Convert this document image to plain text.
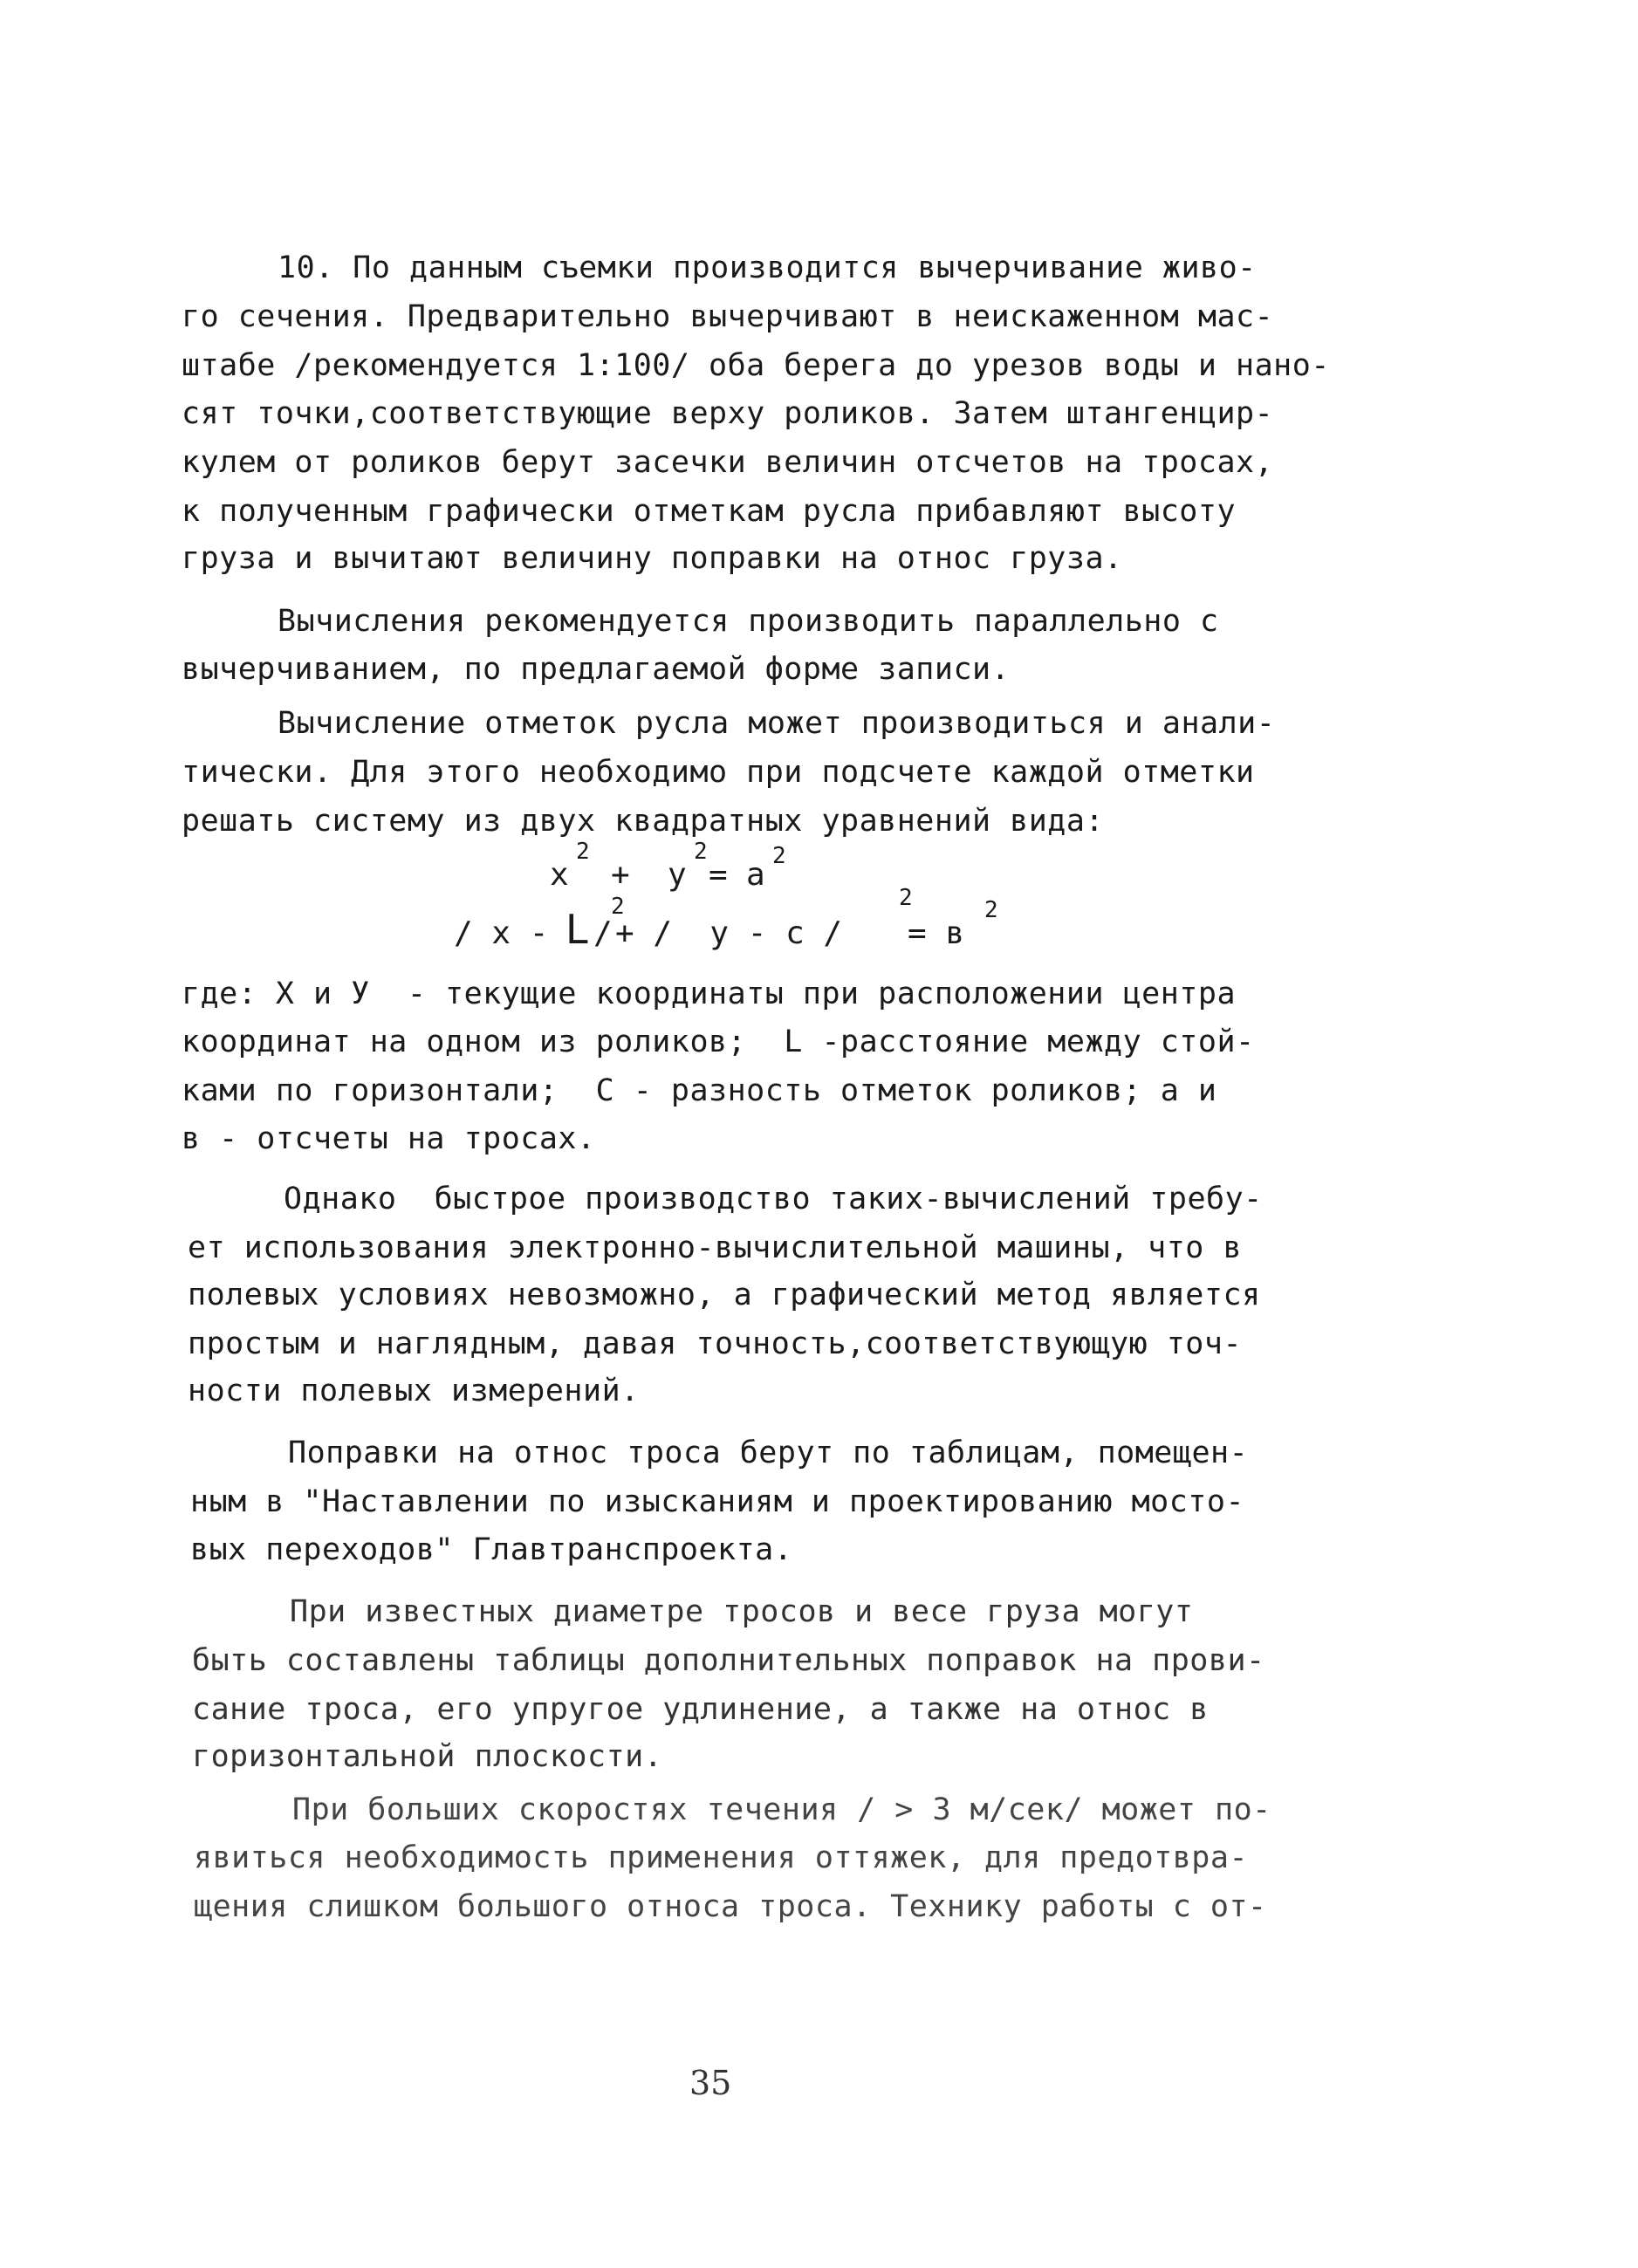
10. По данным съемки производится вычерчивание живо-
го сечения. Предварительно вычерчивают в неискаженном мас-
штабе /рекомендуется 1:100/ оба берега до урезов воды и нано-
сят точки,соответствующие верху роликов. Затем штангенцир-
кулем от роликов берут засечки величин отсчетов на тросах,
к полученным графически отметкам русла прибавляют высоту
груза и вычитают величину поправки на относ груза.
Вычисления рекомендуется производить параллельно с
вычерчиванием, по предлагаемой форме записи.
Вычисление отметок русла может производиться и анали-
тически. Для этого необходимо при подсчете каждой отметки
решать систему из двух квадратных уравнений вида:
x
2
+ y
2
= a
2
/ x - L /
2
+ /  y - c /
2
= в
2
где: Х и У  - текущие координаты при расположении центра
координат на одном из роликов;  L -расстояние между стой-
ками по горизонтали;  С - разность отметок роликов; а и
в - отсчеты на тросах.
Однако  быстрое производство таких-вычислений требу-
ет использования электронно-вычислительной машины, что в
полевых условиях невозможно, а графический метод является
простым и наглядным, давая точность,соответствующую точ-
ности полевых измерений.
Поправки на относ троса берут по таблицам, помещен-
ным в "Наставлении по изысканиям и проектированию мосто-
вых переходов" Главтранспроекта.
При известных диаметре тросов и весе груза могут
быть составлены таблицы дополнительных поправок на прови-
сание троса, его упругое удлинение, а также на относ в
горизонтальной плоскости.
При больших скоростях течения / > 3 м/сек/ может по-
явиться необходимость применения оттяжек, для предотвра-
щения слишком большого относа троса. Технику работы с от-
35
